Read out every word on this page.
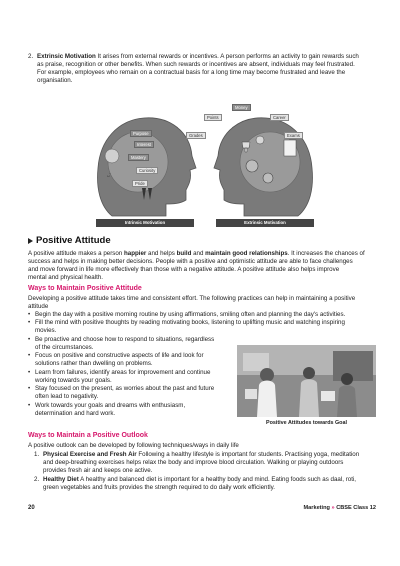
2. Extrinsic Motivation It arises from external rewards or incentives. A person performs an activity to gain rewards such
as praise, recognition or other benefits. When such rewards or incentives are absent, individuals may feel frustrated.
For example, employees who remain on a contractual basis for a long time may become frustrated and leave the
organisation.
ᴗ̈
Purpose
Interest
Mastery
Curiosity
Pride
Intrinsic Motivation
Points
Money
Career
Grades	Exams
Extrinsic Motivation
Positive Attitude
A positive attitude makes a person happier and helps build and maintain good relationships. It increases the chances of
success and helps in making better decisions. People with a positive and optimistic attitude are able to face challenges
and move forward in life more effectively than those with a negative attitude. A positive attitude also helps improve
mental and physical health.
Ways to Maintain Positive Attitude
Developing a positive attitude takes time and consistent effort. The following practices can help in maintaining a positive
attitude
• Begin the day with a positive morning routine by using affirmations, smiling often and planning the day's activities.
• Fill the mind with positive thoughts by reading motivating books, listening to uplifting music and watching inspiring
movies.
• Be proactive and choose how to respond to situations, regardless
of the circumstances.
• Focus on positive and constructive aspects of life and look for
solutions rather than dwelling on problems.
• Learn from failures, identify areas for improvement and continue
working towards your goals.
• Stay focused on the present, as worries about the past and future
often lead to negativity.
• Work towards your goals and dreams with enthusiasm,
determination and hard work.
Positive Attitudes towards Goal
Ways to Maintain a Positive Outlook
A positive outlook can be developed by following techniques/ways in daily life
1. Physical Exercise and Fresh Air Following a healthy lifestyle is important for students. Practising yoga, meditation
and deep-breathing exercises helps relax the body and improve blood circulation. Walking or playing outdoors
provides fresh air and keeps one active.
2. Healthy Diet A healthy and balanced diet is important for a healthy body and mind. Eating foods such as daal, roti,
green vegetables and fruits provides the strength required to do daily work efficiently.
20	Marketing » CBSE Class 12
